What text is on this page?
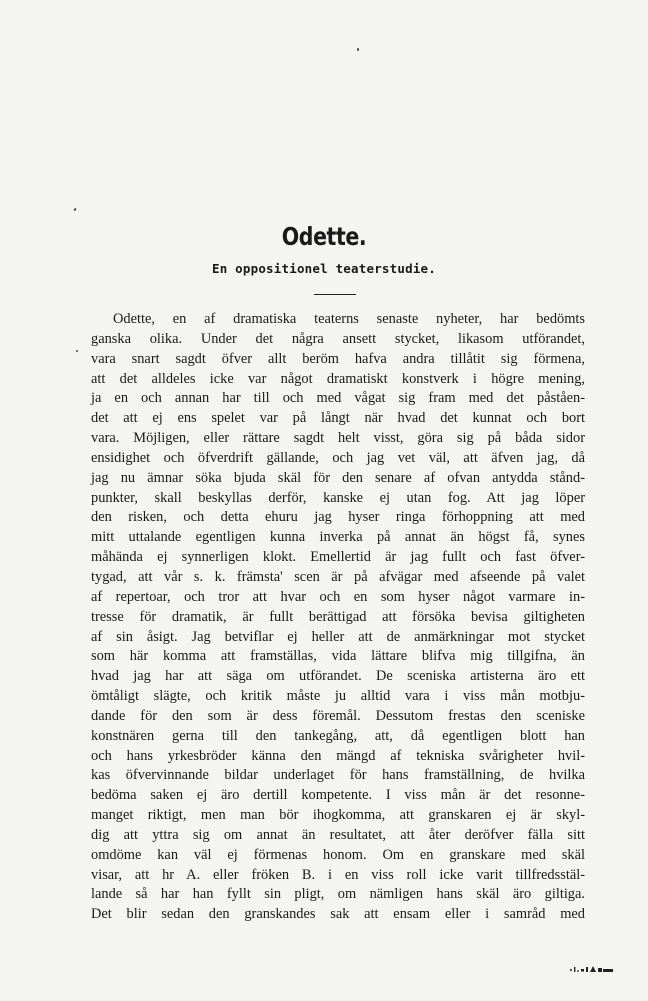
Odette.
En oppositionel teaterstudie.
Odette, en af dramatiska teaterns senaste nyheter, har bedömts
ganska olika. Under det några ansett stycket, likasom utförandet,
vara snart sagdt öfver allt beröm hafva andra tillåtit sig förmena,
att det alldeles icke var något dramatiskt konstverk i högre mening,
ja en och annan har till och med vågat sig fram med det påståen-
det att ej ens spelet var på långt när hvad det kunnat och bort
vara. Möjligen, eller rättare sagdt helt visst, göra sig på båda sidor
ensidighet och öfverdrift gällande, och jag vet väl, att äfven jag, då
jag nu ämnar söka bjuda skäl för den senare af ofvan antydda stånd-
punkter, skall beskyllas derför, kanske ej utan fog. Att jag löper
den risken, och detta ehuru jag hyser ringa förhoppning att med
mitt uttalande egentligen kunna inverka på annat än högst få, synes
måhända ej synnerligen klokt. Emellertid är jag fullt och fast öfver-
tygad, att vår s. k. främsta' scen är på afvägar med afseende på valet
af repertoar, och tror att hvar och en som hyser något varmare in-
tresse för dramatik, är fullt berättigad att försöka bevisa giltigheten
af sin åsigt. Jag betviflar ej heller att de anmärkningar mot stycket
som här komma att framställas, vida lättare blifva mig tillgifna, än
hvad jag har att säga om utförandet. De sceniska artisterna äro ett
ömtåligt slägte, och kritik måste ju alltid vara i viss mån motbju-
dande för den som är dess föremål. Dessutom frestas den sceniske
konstnären gerna till den tankegång, att, då egentligen blott han
och hans yrkesbröder känna den mängd af tekniska svårigheter hvil-
kas öfvervinnande bildar underlaget för hans framställning, de hvilka
bedöma saken ej äro dertill kompetente. I viss mån är det resonne-
manget riktigt, men man bör ihogkomma, att granskaren ej är skyl-
dig att yttra sig om annat än resultatet, att åter deröfver fälla sitt
omdöme kan väl ej förmenas honom. Om en granskare med skäl
visar, att hr A. eller fröken B. i en viss roll icke varit tillfredsstäl-
lande så har han fyllt sin pligt, om nämligen hans skäl äro giltiga.
Det blir sedan den granskandes sak att ensam eller i samråd med
